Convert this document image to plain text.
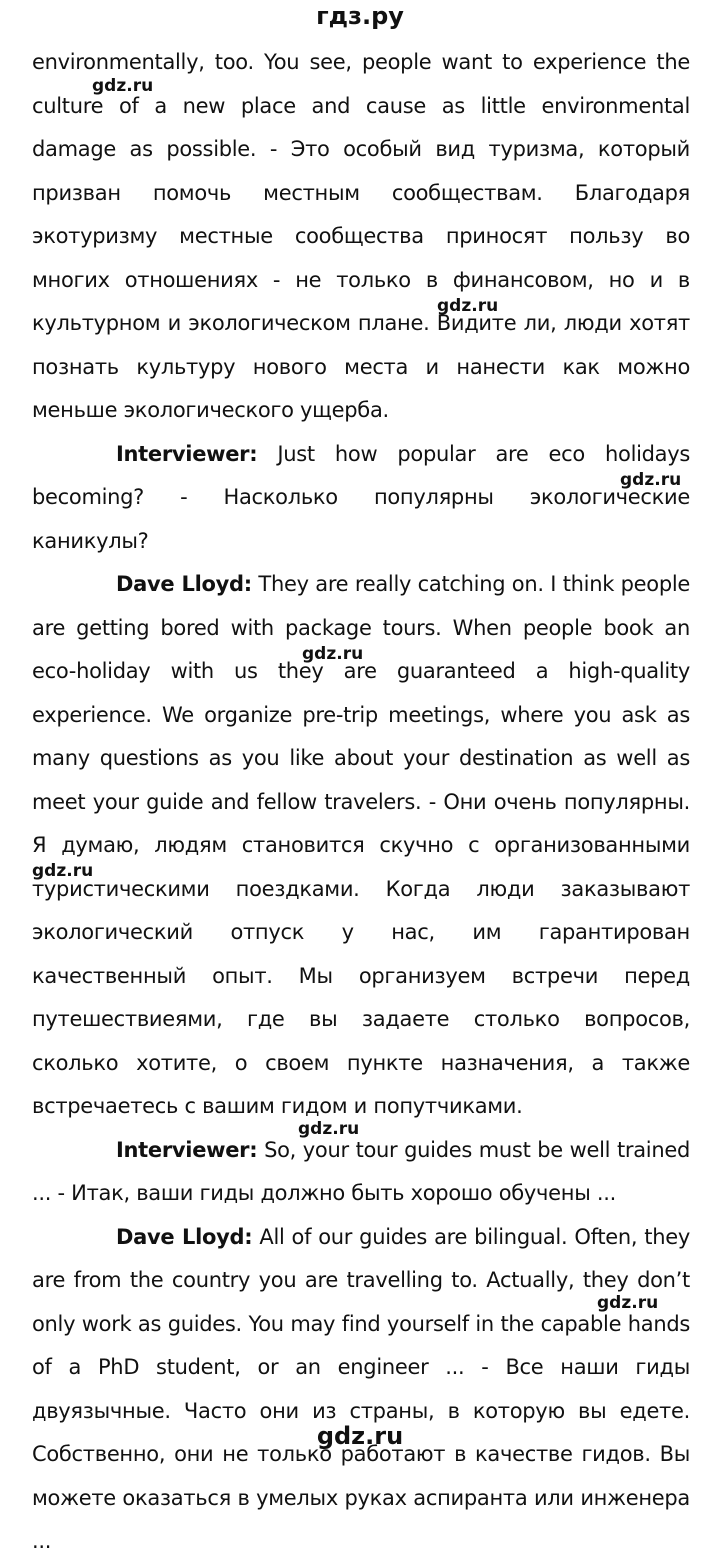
гдз.ру

environmentally, too. You see, people want to experience the culture of a new place and cause as little environmental damage as possible. - Это особый вид туризма, который призван помочь местным сообществам. Благодаря экотуризму местные сообщества приносят пользу во многих отношениях - не только в финансовом, но и в культурном и экологическом плане. Видите ли, люди хотят познать культуру нового места и нанести как можно меньше экологического ущерба.

Interviewer: Just how popular are eco holidays becoming? - Насколько популярны экологические каникулы?

Dave Lloyd: They are really catching on. I think people are getting bored with package tours. When people book an eco-holiday with us they are guaranteed a high-quality experience. We organize pre-trip meetings, where you ask as many questions as you like about your destination as well as meet your guide and fellow travelers. - Они очень популярны. Я думаю, людям становится скучно с организованными туристическими поездками. Когда люди заказывают экологический отпуск у нас, им гарантирован качественный опыт. Мы организуем встречи перед путешествиеями, где вы задаете столько вопросов, сколько хотите, о своем пункте назначения, а также встречаетесь с вашим гидом и попутчиками.

Interviewer: So, your tour guides must be well trained ... - Итак, ваши гиды должно быть хорошо обучены ...

Dave Lloyd: All of our guides are bilingual. Often, they are from the country you are travelling to. Actually, they don’t only work as guides. You may find yourself in the capable hands of a PhD student, or an engineer ... - Все наши гиды двуязычные. Часто они из страны, в которую вы едете. Собственно, они не только работают в качестве гидов. Вы можете оказаться в умелых руках аспиранта или инженера ...

gdz.ru
gdz.ru
gdz.ru
gdz.ru
gdz.ru
gdz.ru
gdz.ru
gdz.ru
